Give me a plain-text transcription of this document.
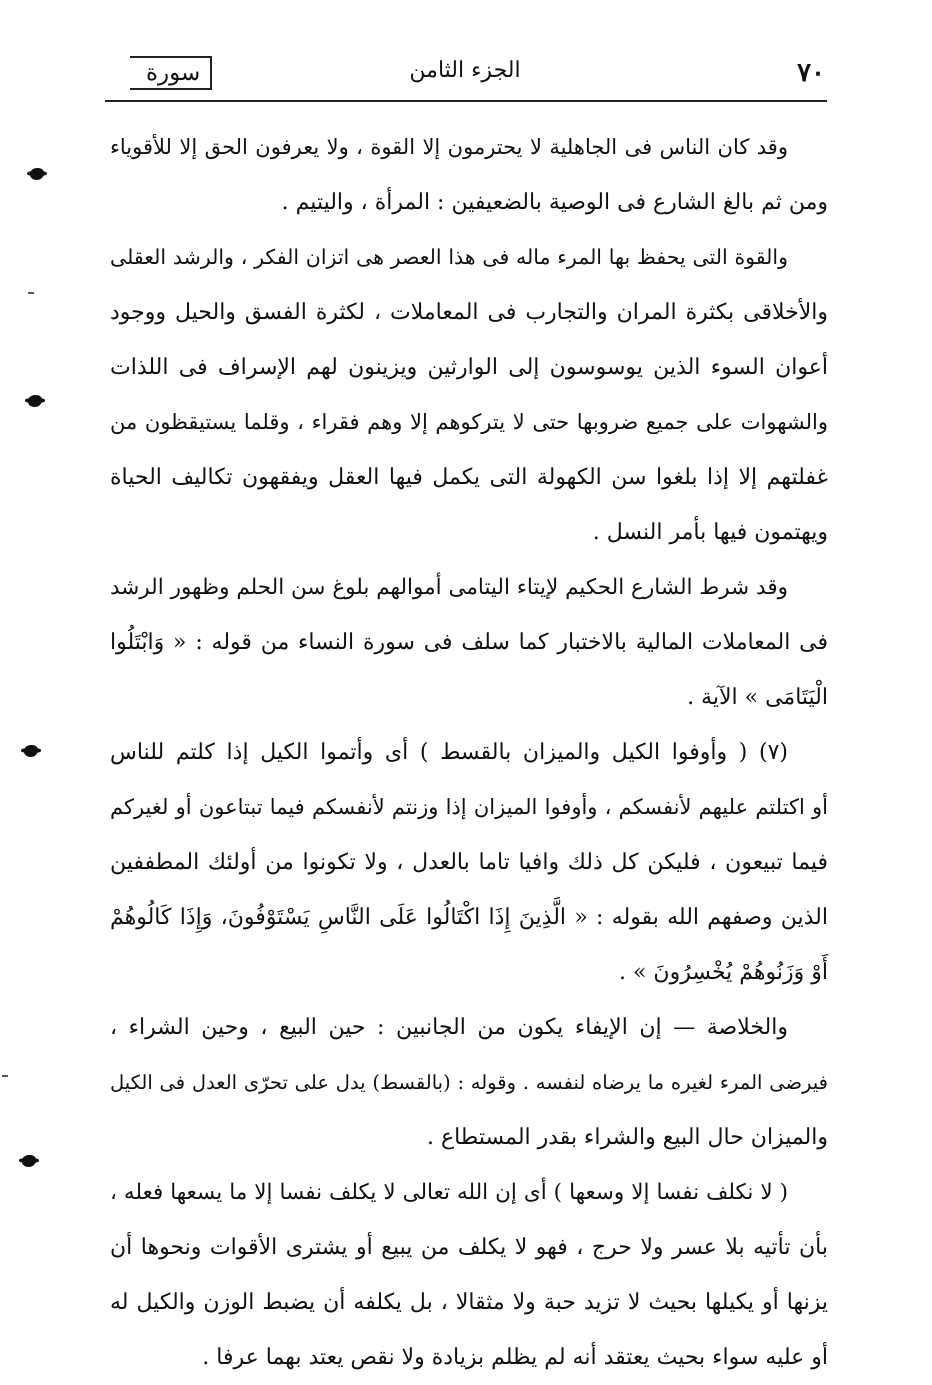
٧٠
الجزء الثامن
سورة
وقد كان الناس فى الجاهلية لا يحترمون إلا القوة ، ولا يعرفون الحق إلا للأقوياء
ومن ثم بالغ الشارع فى الوصية بالضعيفين : المرأة ، واليتيم .
والقوة التى يحفظ بها المرء ماله فى هذا العصر هى اتزان الفكر ، والرشد العقلى
والأخلاقى بكثرة المران والتجارب فى المعاملات ، لكثرة الفسق والحيل ووجود
أعوان السوء الذين يوسوسون إلى الوارثين ويزينون لهم الإسراف فى اللذات
والشهوات على جميع ضروبها حتى لا يتركوهم إلا وهم فقراء ، وقلما يستيقظون من
غفلتهم إلا إذا بلغوا سن الكهولة التى يكمل فيها العقل ويفقهون تكاليف الحياة
ويهتمون فيها بأمر النسل .
وقد شرط الشارع الحكيم لإيتاء اليتامى أموالهم بلوغ سن الحلم وظهور الرشد
فى المعاملات المالية بالاختبار كما سلف فى سورة النساء من قوله : « وَابْتَلُوا
الْيَتَامَى » الآية .
(٧) ( وأوفوا الكيل والميزان بالقسط ) أى وأتموا الكيل إذا كلتم للناس
أو اكتلتم عليهم لأنفسكم ، وأوفوا الميزان إذا وزنتم لأنفسكم فيما تبتاعون أو لغيركم
فيما تبيعون ، فليكن كل ذلك وافيا تاما بالعدل ، ولا تكونوا من أولئك المطففين
الذين وصفهم الله بقوله : « الَّذِينَ إِذَا اكْتَالُوا عَلَى النَّاسِ يَسْتَوْفُونَ، وَإِذَا كَالُوهُمْ
أَوْ وَزَنُوهُمْ يُخْسِرُونَ » .
والخلاصة — إن الإيفاء يكون من الجانبين : حين البيع ، وحين الشراء ،
فيرضى المرء لغيره ما يرضاه لنفسه . وقوله : (بالقسط) يدل على تحرّى العدل فى الكيل
والميزان حال البيع والشراء بقدر المستطاع .
( لا نكلف نفسا إلا وسعها ) أى إن الله تعالى لا يكلف نفسا إلا ما يسعها فعله ،
بأن تأتيه بلا عسر ولا حرج ، فهو لا يكلف من يبيع أو يشترى الأقوات ونحوها أن
يزنها أو يكيلها بحيث لا تزيد حبة ولا مثقالا ، بل يكلفه أن يضبط الوزن والكيل له
أو عليه سواء بحيث يعتقد أنه لم يظلم بزيادة ولا نقص يعتد بهما عرفا .
